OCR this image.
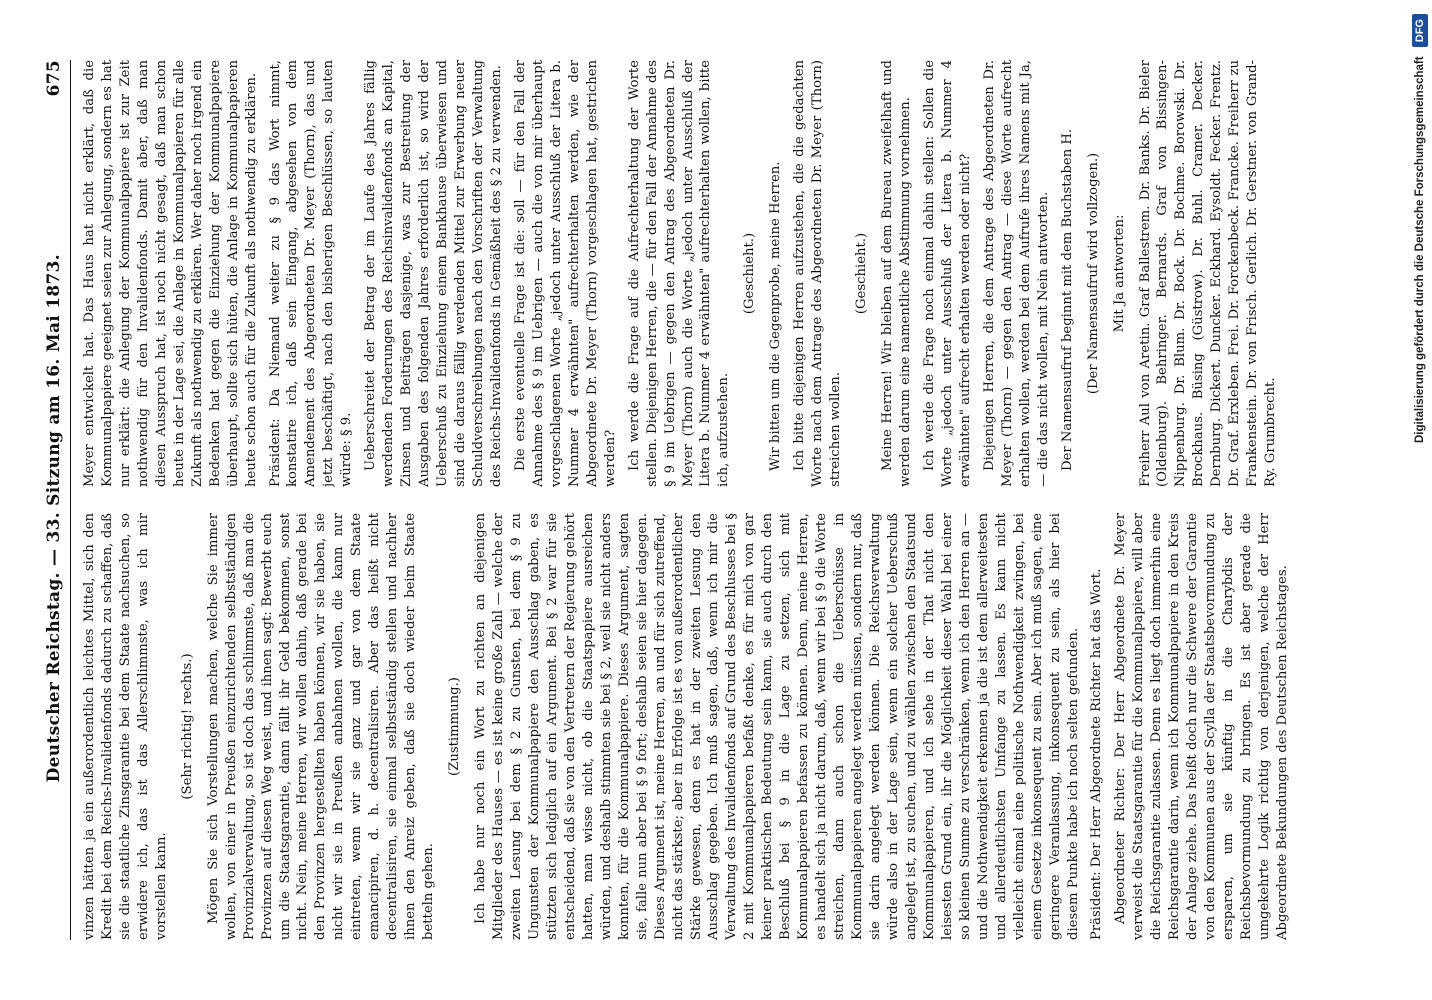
Deutscher Reichstag. — 33. Sitzung am 16. Mai 1873.
675

vinzen hätten ja ein außerordentlich leichtes Mittel, sich den Kredit bei dem Reichs-Invalidenfonds dadurch zu schaffen, daß sie die staatliche Zinsgarantie bei dem Staate nachsuchen, so erwidere ich, das ist das Allerschlimmste, was ich mir vorstellen kann.

(Sehr richtig! rechts.) Mögen Sie sich Vorstellungen machen, welche Sie immer wollen, von einer in Preußen einzurichtenden selbstständigen Provinzialverwaltung, so ist doch das schlimmste, daß man die Provinzen auf diesen Weg weist, und ihnen sagt: Bewerbt euch um die Staatsgarantie, dann fällt ihr Geld bekommen, sonst nicht. Nein, meine Herren, wir wollen dahin, daß gerade bei den Provinzen hergestellten haben können, wir sie haben, sie nicht wir sie in Preußen anbahnen wollen, die kann nur eintreten, wenn wir sie ganz und gar von dem Staate emancipiren, d. h. decentralisiren. Aber das heißt nicht decentralisiren, sie einmal selbstständig stellen und nachher ihnen den Anreiz geben, daß sie doch wieder beim Staate betteln gehen.

(Zustimmung.) Ich habe nur noch ein Wort zu richten an diejenigen Mitglieder des Hauses — es ist keine große Zahl — welche der zweiten Lesung bei dem § 2 zu Gunsten, bei dem § 9 zu Ungunsten der Kommunalpapiere den Ausschlag gaben, es stützten sich lediglich auf ein Argument. Bei § 2 war für sie entscheidend, daß sie von den Vertretern der Regierung gehört hatten, man wisse nicht, ob die Staatspapiere ausreichen würden, und deshalb stimmten sie bei § 2, weil sie nicht anders konnten, für die Kommunalpapiere. Dieses Argument, sagten sie, falle nun aber bei § 9 fort; deshalb seien sie hier dagegen. Dieses Argument ist, meine Herren, an und für sich zutreffend, nicht das stärkste; aber in Erfolge ist es von außerordentlicher Stärke gewesen, denn es hat in der zweiten Lesung den Ausschlag gegeben. Ich muß sagen, daß, wenn ich mir die Verwaltung des Invalidenfonds auf Grund des Beschlusses bei § 2 mit Kommunalpapieren befaßt denke, es für mich von gar keiner praktischen Bedeutung sein kann, sie auch durch den Beschluß bei § 9 in die Lage zu setzen, sich mit Kommunalpapieren befassen zu können. Denn, meine Herren, es handelt sich ja nicht darum, daß, wenn wir bei § 9 die Worte streichen, dann auch schon die Ueberschüsse in Kommunalpapieren angelegt werden müssen, sondern nur, daß sie darin angelegt werden können. Die Reichsverwaltung würde also in der Lage sein, wenn ein solcher Ueberschuß angelegt ist, zu suchen, und zu wählen zwischen den Staatsund Kommunalpapieren, und ich sehe in der That nicht den leisesten Grund ein, ihr die Möglichkeit dieser Wahl bei einer so kleinen Summe zu verschränken, wenn ich den Herren an — und die Nothwendigkeit erkennen ja die ist dem allerweitesten und allerdeutlichsten Umfange zu lassen. Es kann nicht vielleicht einmal eine politische Nothwendigkeit zwingen, bei einem Gesetze inkonsequent zu sein. Aber ich muß sagen, eine geringere Veranlassung, inkonsequent zu sein, als hier bei diesem Punkte habe ich noch selten gefunden. Präsident: Der Herr Abgeordnete Richter hat das Wort. Abgeordneter Richter: Der Herr Abgeordnete Dr. Meyer verweist die Staatsgarantie für die Kommunalpapiere, will aber die Reichsgarantie zulassen. Denn es liegt doch immerhin eine Reichsgarantie darin, wenn ich Kommunalpapiere in den Kreis der Anlage ziehe. Das heißt doch nur die Schwere der Garantie von den Kommunen aus der Scylla der Staatsbevormundung zu ersparen, um sie künftig in die Charybdis der Reichsbevormundung zu bringen. Es ist aber gerade die umgekehrte Logik richtig von derjenigen, welche der Herr Abgeordnete Bekundungen des Deutschen Reichstages.

Meyer entwickelt hat. Das Haus hat nicht erklärt, daß die Kommunalpapiere geeignet seien zur Anlegung, sondern es hat nur erklärt: die Anlegung der Kommunalpapiere ist zur Zeit nothwendig für den Invalidenfonds. Damit aber, daß man diesen Ausspruch hat, ist noch nicht gesagt, daß man schon heute in der Lage sei, die Anlage in Kommunalpapieren für alle Zukunft als nothwendig zu erklären. Wer daher noch irgend ein Bedenken hat gegen die Einziehung der Kommunalpapiere überhaupt, sollte sich hüten, die Anlage in Kommunalpapieren heute schon auch für die Zukunft als nothwendig zu erklären. Präsident: Da Niemand weiter zu § 9 das Wort nimmt, konstatire ich, daß sein Eingang, abgesehen von dem Amendement des Abgeordneten Dr. Meyer (Thorn), das und jetzt beschäftigt, nach den bisherigen Beschlüssen, so lauten würde: § 9. Ueberschreitet der Betrag der im Laufe des Jahres fällig werdenden Forderungen des Reichsinvalidenfonds an Kapital, Zinsen und Beiträgen dasjenige, was zur Bestreitung der Ausgaben des folgenden Jahres erforderlich ist, so wird der Ueberschuß zu Einziehung einem Bankhause überwiesen und sind die daraus fällig werdenden Mittel zur Erwerbung neuer Schuldverschreibungen nach den Vorschriften der Verwaltung des Reichs-Invalidenfonds in Gemäßheit des § 2 zu verwenden. Die erste eventuelle Frage ist die: soll — für den Fall der Annahme des § 9 im Uebrigen — auch die von mir überhaupt vorgeschlagenen Worte „jedoch unter Ausschluß der Litera b. Nummer 4 erwähnten" aufrechterhalten werden, wie der Abgeordnete Dr. Meyer (Thorn) vorgeschlagen hat, gestrichen werden? Ich werde die Frage auf die Aufrechterhaltung der Worte stellen. Diejenigen Herren, die — für den Fall der Annahme des § 9 im Uebrigen — gegen den Antrag des Abgeordneten Dr. Meyer (Thorn) auch die Worte „jedoch unter Ausschluß der Litera b. Nummer 4 erwähnten" aufrechterhalten wollen, bitte ich, aufzustehen.

(Geschieht.) Wir bitten um die Gegenprobe, meine Herren. Ich bitte diejenigen Herren aufzustehen, die die gedachten Worte nach dem Antrage des Abgeordneten Dr. Meyer (Thorn) streichen wollen.

(Geschieht.) Meine Herren! Wir bleiben auf dem Bureau zweifelhaft und werden darum eine namentliche Abstimmung vornehmen. Ich werde die Frage noch einmal dahin stellen: Sollen die Worte „jedoch unter Ausschluß der Litera b. Nummer 4 erwähnten" aufrecht erhalten werden oder nicht? Diejenigen Herren, die dem Antrage des Abgeordneten Dr. Meyer (Thorn) — gegen den Antrag — diese Worte aufrecht erhalten wollen, werden bei dem Aufrufe ihres Namens mit Ja, — die das nicht wollen, mit Nein antworten. Der Namensaufruf beginnt mit dem Buchstaben H. (Der Namensaufruf wird vollzogen.) Mit Ja antworten: Freiherr Aul von Aretin. Graf Ballestrem. Dr. Banks. Dr. Bieler (Oldenburg). Behringer. Bernards. Graf von Bissingen-Nippenburg. Dr. Blum. Dr. Bock. Dr. Bochme. Borowski. Dr. Brockhaus. Büsing (Güstrow). Dr. Buhl. Cramer. Decker. Dernburg. Dickert. Duncker. Eckhard. Eysoldt. Fecker. Frentz. Dr. Graf. Erxleben. Frei. Dr. Forckenbeck. Francke. Freiherr zu Frankenstein. Dr. von Frisch. Gerlich. Dr. Gerstner. von Grand-Ry. Grumbrecht.	Digitalisierung gefördert durch die Deutsche Forschungsgemeinschaft DFG
